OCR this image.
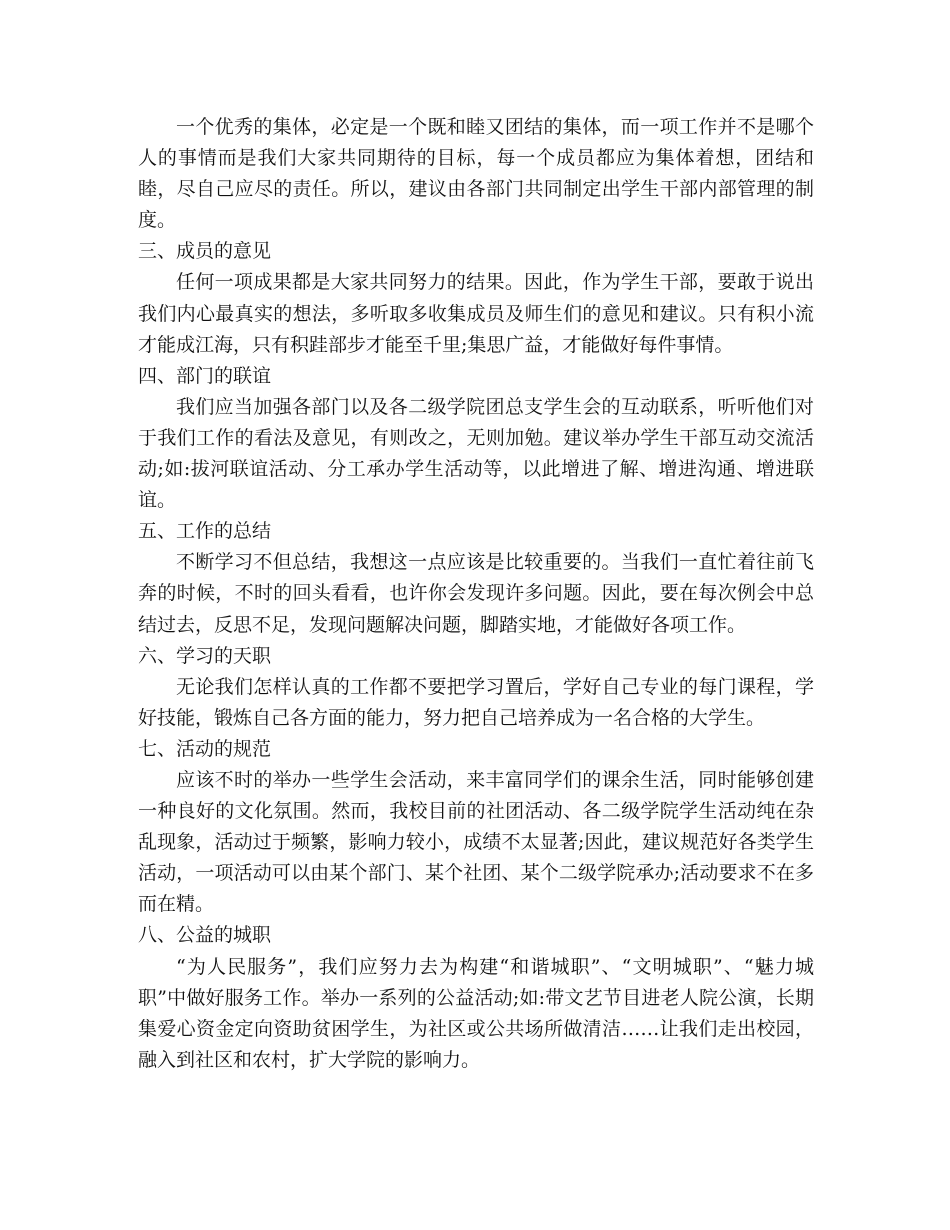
一个优秀的集体，必定是一个既和睦又团结的集体，而一项工作并不是哪个人的事情而是我们大家共同期待的目标，每一个成员都应为集体着想，团结和睦，尽自己应尽的责任。所以，建议由各部门共同制定出学生干部内部管理的制度。

三、成员的意见

任何一项成果都是大家共同努力的结果。因此，作为学生干部，要敢于说出我们内心最真实的想法，多听取多收集成员及师生们的意见和建议。只有积小流才能成江海，只有积跬部步才能至千里;集思广益，才能做好每件事情。

四、部门的联谊

我们应当加强各部门以及各二级学院团总支学生会的互动联系，听听他们对于我们工作的看法及意见，有则改之，无则加勉。建议举办学生干部互动交流活动;如:拔河联谊活动、分工承办学生活动等，以此增进了解、增进沟通、增进联谊。

五、工作的总结

不断学习不但总结，我想这一点应该是比较重要的。当我们一直忙着往前飞奔的时候，不时的回头看看，也许你会发现许多问题。因此，要在每次例会中总结过去，反思不足，发现问题解决问题，脚踏实地，才能做好各项工作。

六、学习的天职

无论我们怎样认真的工作都不要把学习置后，学好自己专业的每门课程，学好技能，锻炼自己各方面的能力，努力把自己培养成为一名合格的大学生。

七、活动的规范

应该不时的举办一些学生会活动，来丰富同学们的课余生活，同时能够创建一种良好的文化氛围。然而，我校目前的社团活动、各二级学院学生活动纯在杂乱现象，活动过于频繁，影响力较小，成绩不太显著;因此，建议规范好各类学生活动，一项活动可以由某个部门、某个社团、某个二级学院承办;活动要求不在多而在精。

八、公益的城职

“为人民服务”，我们应努力去为构建“和谐城职”、“文明城职”、“魅力城职”中做好服务工作。举办一系列的公益活动;如:带文艺节目进老人院公演，长期集爱心资金定向资助贫困学生，为社区或公共场所做清洁……让我们走出校园，融入到社区和农村，扩大学院的影响力。
